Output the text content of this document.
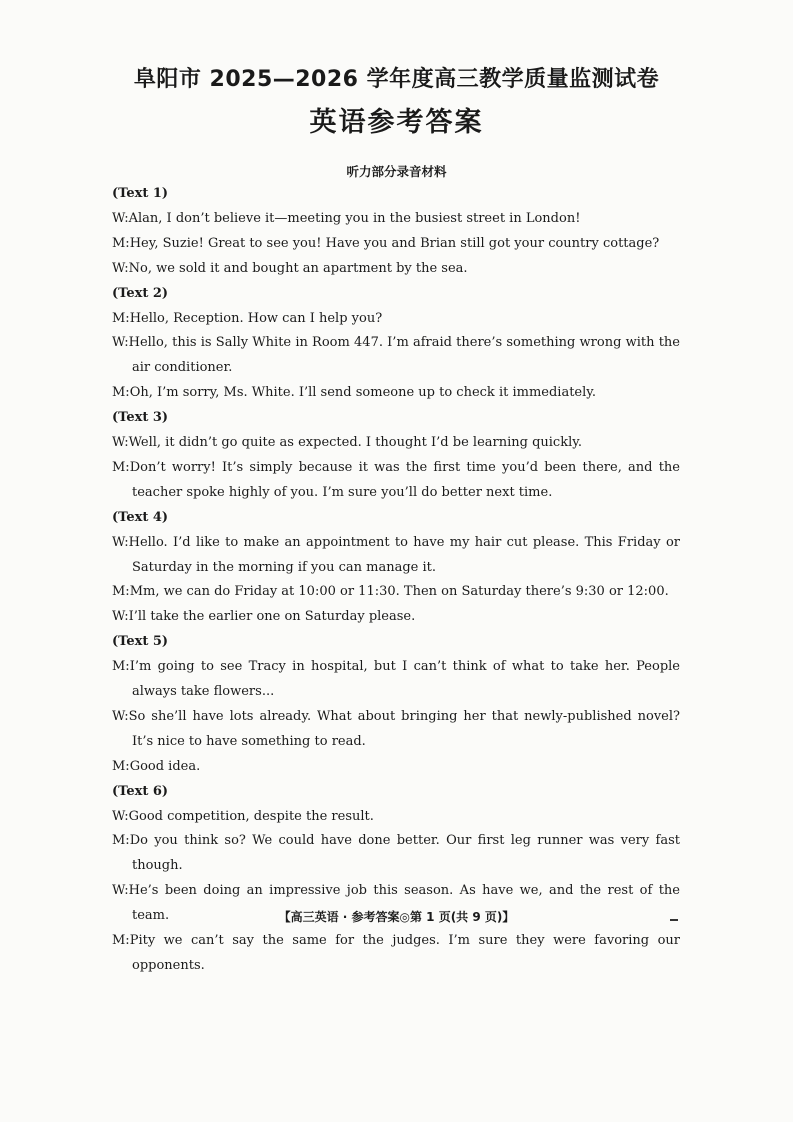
阜阳市 2025—2026 学年度高三教学质量监测试卷
英语参考答案
听力部分录音材料
(Text 1)
W:Alan, I don’t believe it—meeting you in the busiest street in London!
M:Hey, Suzie! Great to see you! Have you and Brian still got your country cottage?
W:No, we sold it and bought an apartment by the sea.
(Text 2)
M:Hello, Reception. How can I help you?
W:Hello, this is Sally White in Room 447. I’m afraid there’s something wrong with the air conditioner.
M:Oh, I’m sorry, Ms. White. I’ll send someone up to check it immediately.
(Text 3)
W:Well, it didn’t go quite as expected. I thought I’d be learning quickly.
M:Don’t worry! It’s simply because it was the first time you’d been there, and the teacher spoke highly of you. I’m sure you’ll do better next time.
(Text 4)
W:Hello. I’d like to make an appointment to have my hair cut please. This Friday or Saturday in the morning if you can manage it.
M:Mm, we can do Friday at 10:00 or 11:30. Then on Saturday there’s 9:30 or 12:00.
W:I’ll take the earlier one on Saturday please.
(Text 5)
M:I’m going to see Tracy in hospital, but I can’t think of what to take her. People always take flowers...
W:So she’ll have lots already. What about bringing her that newly-published novel? It’s nice to have something to read.
M:Good idea.
(Text 6)
W:Good competition, despite the result.
M:Do you think so? We could have done better. Our first leg runner was very fast though.
W:He’s been doing an impressive job this season. As have we, and the rest of the team.
M:Pity we can’t say the same for the judges. I’m sure they were favoring our opponents.
【高三英语 · 参考答案◎第 1 页(共 9 页)】
